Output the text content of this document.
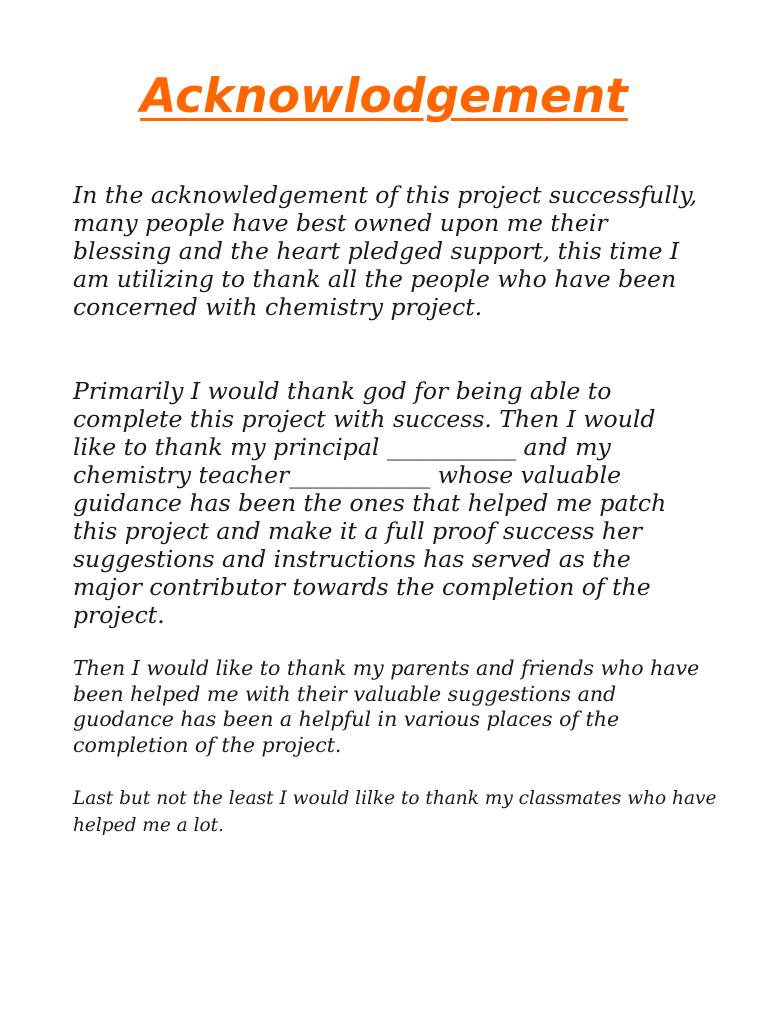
Acknowlodgement

In the acknowledgement of this project successfully, many people have best owned upon me their blessing and the heart pledged support, this time I am utilizing to thank all the people who have been concerned with chemistry project.

Primarily I would thank god for being able to complete this project with success. Then I would like to thank my principal ___________ and my chemistry teacher____________ whose valuable guidance has been the ones that helped me patch this project and make it a full proof success her suggestions and instructions has served as the major contributor towards the completion of the project.

Then I would like to thank my parents and friends who have been helped me with their valuable suggestions and guodance has been a helpful in various places of the completion of the project.

Last but not the least I would lilke to thank my classmates who have helped me a lot.
